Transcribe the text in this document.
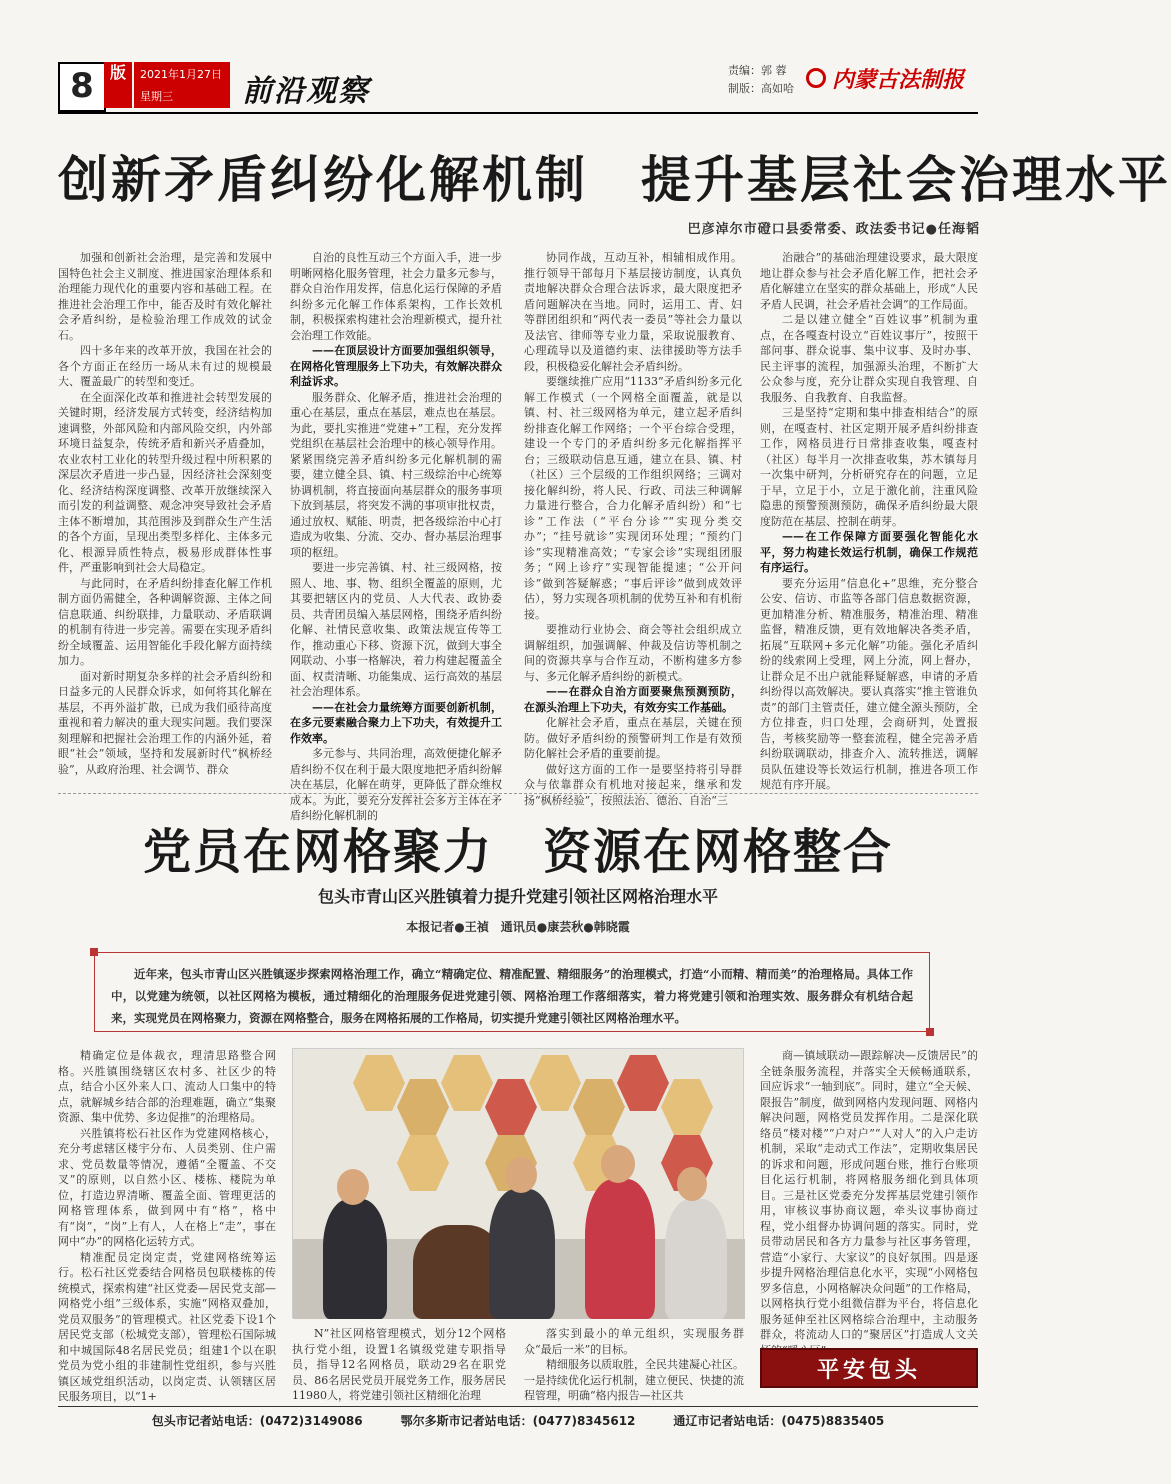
8	版	2021年1月27日
星期三	前沿观察
责编：郭 蓉
制版：高如哈 内蒙古法制报
创新矛盾纠纷化解机制　提升基层社会治理水平
巴彦淖尔市磴口县委常委、政法委书记●任海韬

加强和创新社会治理，是完善和发展中国特色社会主义制度、推进国家治理体系和治理能力现代化的重要内容和基础工程。在推进社会治理工作中，能否及时有效化解社会矛盾纠纷，是检验治理工作成效的试金石。

四十多年来的改革开放，我国在社会的各个方面正在经历一场从未有过的规模最大、覆盖最广的转型和变迁。

在全面深化改革和推进社会转型发展的关键时期，经济发展方式转变，经济结构加速调整，外部风险和内部风险交织，内外部环境日益复杂，传统矛盾和新兴矛盾叠加，农业农村工业化的转型升级过程中所积累的深层次矛盾进一步凸显，因经济社会深刻变化、经济结构深度调整、改革开放继续深入而引发的利益调整、观念冲突导致社会矛盾主体不断增加，其范围涉及到群众生产生活的各个方面，呈现出类型多样化、主体多元化、根源异质性特点，极易形成群体性事件，严重影响到社会大局稳定。

与此同时，在矛盾纠纷排查化解工作机制方面仍需健全，各种调解资源、主体之间信息联通、纠纷联排，力量联动、矛盾联调的机制有待进一步完善。需要在实现矛盾纠纷全域覆盖、运用智能化手段化解方面持续加力。

面对新时期复杂多样的社会矛盾纠纷和日益多元的人民群众诉求，如何将其化解在基层，不再外溢扩散，已成为我们亟待高度重视和着力解决的重大现实问题。我们要深刻理解和把握社会治理工作的内涵外延，着眼“社会”领域，坚持和发展新时代“枫桥经验”，从政府治理、社会调节、群众

自治的良性互动三个方面入手，进一步明晰网格化服务管理，社会力量多元参与，群众自治作用发挥，信息化运行保障的矛盾纠纷多元化解工作体系架构，工作长效机制，积极探索构建社会治理新模式，提升社会治理工作效能。

——在顶层设计方面要加强组织领导，在网格化管理服务上下功夫，有效解决群众利益诉求。

服务群众、化解矛盾，推进社会治理的重心在基层，重点在基层，难点也在基层。为此，要扎实推进“党建+”工程，充分发挥党组织在基层社会治理中的核心领导作用。紧紧围绕完善矛盾纠纷多元化解机制的需要，建立健全县、镇、村三级综治中心统筹协调机制，将直接面向基层群众的服务事项下放到基层，将突发不满的事项审批权责，通过放权、赋能、明责，把各级综治中心打造成为收集、分流、交办、督办基层治理事项的枢纽。

要进一步完善镇、村、社三级网格，按照人、地、事、物、组织全覆盖的原则，尤其要把辖区内的党员、人大代表、政协委员、共青团员编入基层网格，围绕矛盾纠纷化解、社情民意收集、政策法规宣传等工作，推动重心下移、资源下沉，做到大事全网联动、小事一格解决，着力构建起覆盖全面、权责清晰、功能集成、运行高效的基层社会治理体系。

——在社会力量统筹方面要创新机制，在多元要素融合聚力上下功夫，有效提升工作效率。

多元参与、共同治理，高效便捷化解矛盾纠纷不仅在利于最大限度地把矛盾纠纷解决在基层，化解在萌芽，更降低了群众维权成本。为此，要充分发挥社会多方主体在矛盾纠纷化解机制的

协同作战，互动互补，相辅相成作用。推行领导干部每月下基层接访制度，认真负责地解决群众合理合法诉求，最大限度把矛盾问题解决在当地。同时，运用工、青、妇等群团组织和“两代表一委员”等社会力量以及法官、律师等专业力量，采取说服教育、心理疏导以及道德约束、法律援助等方法手段，积极稳妥化解社会矛盾纠纷。

要继续推广应用“1133”矛盾纠纷多元化解工作模式（一个网格全面覆盖，就是以镇、村、社三级网格为单元，建立起矛盾纠纷排查化解工作网络；一个平台综合受理，建设一个专门的矛盾纠纷多元化解指挥平台；三级联动信息互通，建立在县、镇、村（社区）三个层级的工作组织网络；三调对接化解纠纷，将人民、行政、司法三种调解力量进行整合，合力化解矛盾纠纷）和“七诊”工作法（“平台分诊”“实现分类交办”；“挂号就诊”实现闭环处理；“预约门诊”实现精准高效；“专家会诊”实现组团服务；“网上诊疗”实现智能提速；“公开问诊”做到答疑解惑；“事后评诊”做到成效评估），努力实现各项机制的优势互补和有机衔接。

要推动行业协会、商会等社会组织成立调解组织，加强调解、仲裁及信访等机制之间的资源共享与合作互动，不断构建多方参与、多元化解矛盾纠纷的新模式。

——在群众自治方面要聚焦预测预防，在源头治理上下功夫，有效夯实工作基础。

化解社会矛盾，重点在基层，关键在预防。做好矛盾纠纷的预警研判工作是有效预防化解社会矛盾的重要前提。

做好这方面的工作一是要坚持将引导群众与依靠群众有机地对接起来，继承和发扬“枫桥经验”，按照法治、德治、自治“三

治融合”的基础治理建设要求，最大限度地让群众参与社会矛盾化解工作，把社会矛盾化解建立在坚实的群众基础上，形成“人民矛盾人民调，社会矛盾社会调”的工作局面。

二是以建立健全“百姓议事”机制为重点，在各嘎查村设立“百姓议事厅”，按照干部问事、群众说事、集中议事、及时办事、民主评事的流程，加强源头治理，不断扩大公众参与度，充分让群众实现自我管理、自我服务、自我教育、自我监督。

三是坚持“定期和集中排查相结合”的原则，在嘎查村、社区定期开展矛盾纠纷排查工作，网格员进行日常排查收集，嘎查村（社区）每半月一次排查收集，苏木镇每月一次集中研判，分析研究存在的问题，立足于早，立足于小，立足于激化前，注重风险隐患的预警预测预防，确保矛盾纠纷最大限度防范在基层、控制在萌芽。

——在工作保障方面要强化智能化水平，努力构建长效运行机制，确保工作规范有序运行。

要充分运用“信息化+”思维，充分整合公安、信访、市监等各部门信息数据资源，更加精准分析、精准服务，精准治理、精准监督，精准反馈，更有效地解决各类矛盾，拓展“互联网+多元化解”功能。强化矛盾纠纷的线索网上受理，网上分流，网上督办，让群众足不出户就能释疑解惑，申请的矛盾纠纷得以高效解决。要认真落实“推主管谁负责”的部门主管责任，建立健全源头预防，全方位排查，归口处理，会商研判，处置报告，考核奖励等一整套流程，健全完善矛盾纠纷联调联动，排查介入、流转推送，调解员队伍建设等长效运行机制，推进各项工作规范有序开展。

党员在网格聚力　资源在网格整合
包头市青山区兴胜镇着力提升党建引领社区网格治理水平
本报记者●王禎　通讯员●康芸秋●韩晓霞
近年来，包头市青山区兴胜镇逐步探索网格治理工作，确立“精确定位、精准配置、精细服务”的治理模式，打造“小而精、精而美”的治理格局。具体工作中，以党建为统领，以社区网格为模板，通过精细化的治理服务促进党建引领、网格治理工作落细落实，着力将党建引领和治理实效、服务群众有机结合起来，实现党员在网格聚力，资源在网格整合，服务在网格拓展的工作格局，切实提升党建引领社区网格治理水平。

精确定位是体裁衣，理清思路整合网格。兴胜镇围绕辖区农村多、社区少的特点，结合小区外来人口、流动人口集中的特点，就解城乡结合部的治理难题，确立“集聚资源、集中优势、多边促推”的治理格局。

兴胜镇将松石社区作为党建网格核心，充分考虑辖区楼宇分布、人员类别、住户需求、党员数量等情况，遵循“全覆盖、不交叉”的原则，以自然小区、楼栋、楼院为单位，打造边界清晰、覆盖全面、管理更活的网格管理体系，做到网中有“格”，格中有“岗”，“岗”上有人，人在格上“走”，事在网中“办”的网格化运转方式。

精准配员定岗定责，党建网格统筹运行。松石社区党委结合网格员包联楼栋的传统模式，探索构建“社区党委—居民党支部—网格党小组”三级体系，实施“网格双叠加，党员双服务”的管理模式。社区党委下设1个居民党支部（松城党支部），管理松石国际城和中城国际48名居民党员；组建1个以在职党员为党小组的非建制性党组织，参与兴胜镇区域党组织活动，以岗定责、认领辖区居民服务项目，以“1+

N”社区网格管理模式，划分12个网格执行党小组，设置1名镇级党建专职指导员，指导12名网格员，联动29名在职党员、86名居民党员开展党务工作，服务居民11980人，将党建引领社区精细化治理

落实到最小的单元组织，实现服务群众“最后一米”的目标。

精细服务以质取胜，全民共建凝心社区。一是持续优化运行机制，建立便民、快捷的流程管理，明确“格内报告—社区共

商—镇域联动—跟踪解决—反馈居民”的全链条服务流程，并落实全天候畅通联系，回应诉求“一轴到底”。同时，建立“全天候、限报告”制度，做到网格内发现问题、网格内解决问题，网格党员发挥作用。二是深化联络员“楼对楼”“户对户”“人对人”的入户走访机制，采取“走动式工作法”，定期收集居民的诉求和问题，形成问题台账，推行台账项目化运行机制，将网格服务细化到具体项目。三是社区党委充分发挥基层党建引领作用，审核议事协商议题，牵头议事协商过程，党小组督办协调问题的落实。同时，党员带动居民和各方力量参与社区事务管理，营造“小家行、大家议”的良好氛围。四是逐步提升网格治理信息化水平，实现“小网格包罗多信息，小网格解决众问题”的工作格局，以网格执行党小组微信群为平台，将信息化服务延伸至社区网格综合治理中，主动服务群众，将流动人口的“聚居区”打造成人文关

平安包头
包头市记者站电话：(0472)3149086	鄂尔多斯市记者站电话：(0477)8345612	通辽市记者站电话：(0475)8835405
